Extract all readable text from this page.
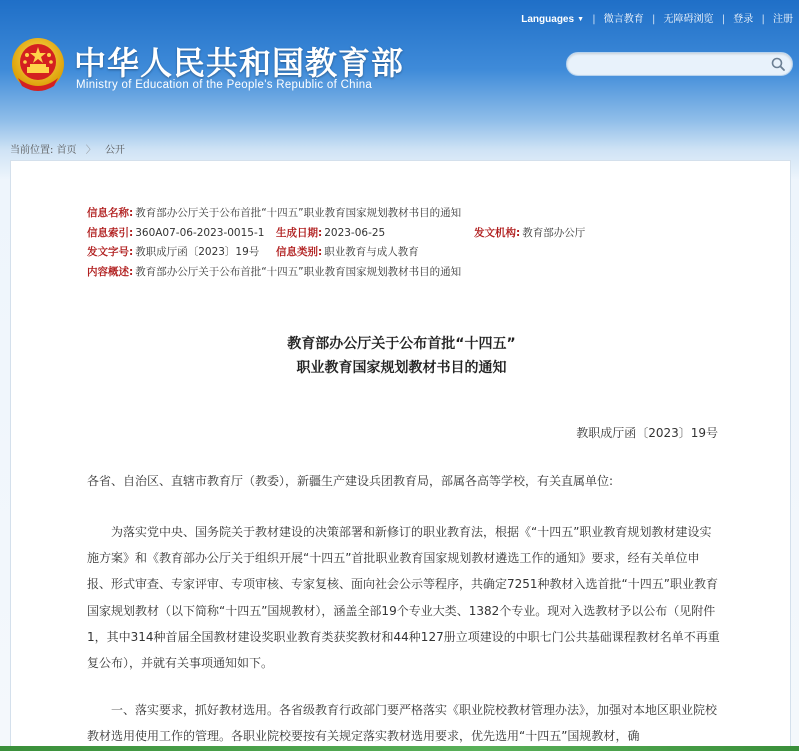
中华人民共和国教育部
Ministry of Education of the People's Republic of China
Languages ▼ | 微言教育 | 无障碍浏览 | 登录 | 注册
当前位置: 首页 〉 公开
信息名称: 教育部办公厅关于公布首批“十四五”职业教育国家规划教材书目的通知
信息索引: 360A07-06-2023-0015-1 生成日期: 2023-06-25	发文机构: 教育部办公厅
发文字号: 教职成厅函〔2023〕19号 信息类别: 职业教育与成人教育
内容概述: 教育部办公厅关于公布首批“十四五”职业教育国家规划教材书目的通知
教育部办公厅关于公布首批“十四五”
职业教育国家规划教材书目的通知
教职成厅函〔2023〕19号
各省、自治区、直辖市教育厅（教委），新疆生产建设兵团教育局，部属各高等学校，有关直属单位:
为落实党中央、国务院关于教材建设的决策部署和新修订的职业教育法，根据《“十四五”职业教育规划教材建设实施方案》和《教育部办公厅关于组织开展“十四五”首批职业教育国家规划教材遴选工作的通知》要求，经有关单位申报、形式审查、专家评审、专项审核、专家复核、面向社会公示等程序，共确定7251种教材入选首批“十四五”职业教育国家规划教材（以下简称“十四五”国规教材），涵盖全部19个专业大类、1382个专业。现对入选教材予以公布（见附件1，其中314种首届全国教材建设奖职业教育类获奖教材和44种127册立项建设的中职七门公共基础课程教材名单不再重复公布），并就有关事项通知如下。
一、落实要求，抓好教材选用。各省级教育行政部门要严格落实《职业院校教材管理办法》，加强对本地区职业院校教材选用使用工作的管理。各职业院校要按有关规定落实教材选用要求，优先选用“十四五”国规教材，确
